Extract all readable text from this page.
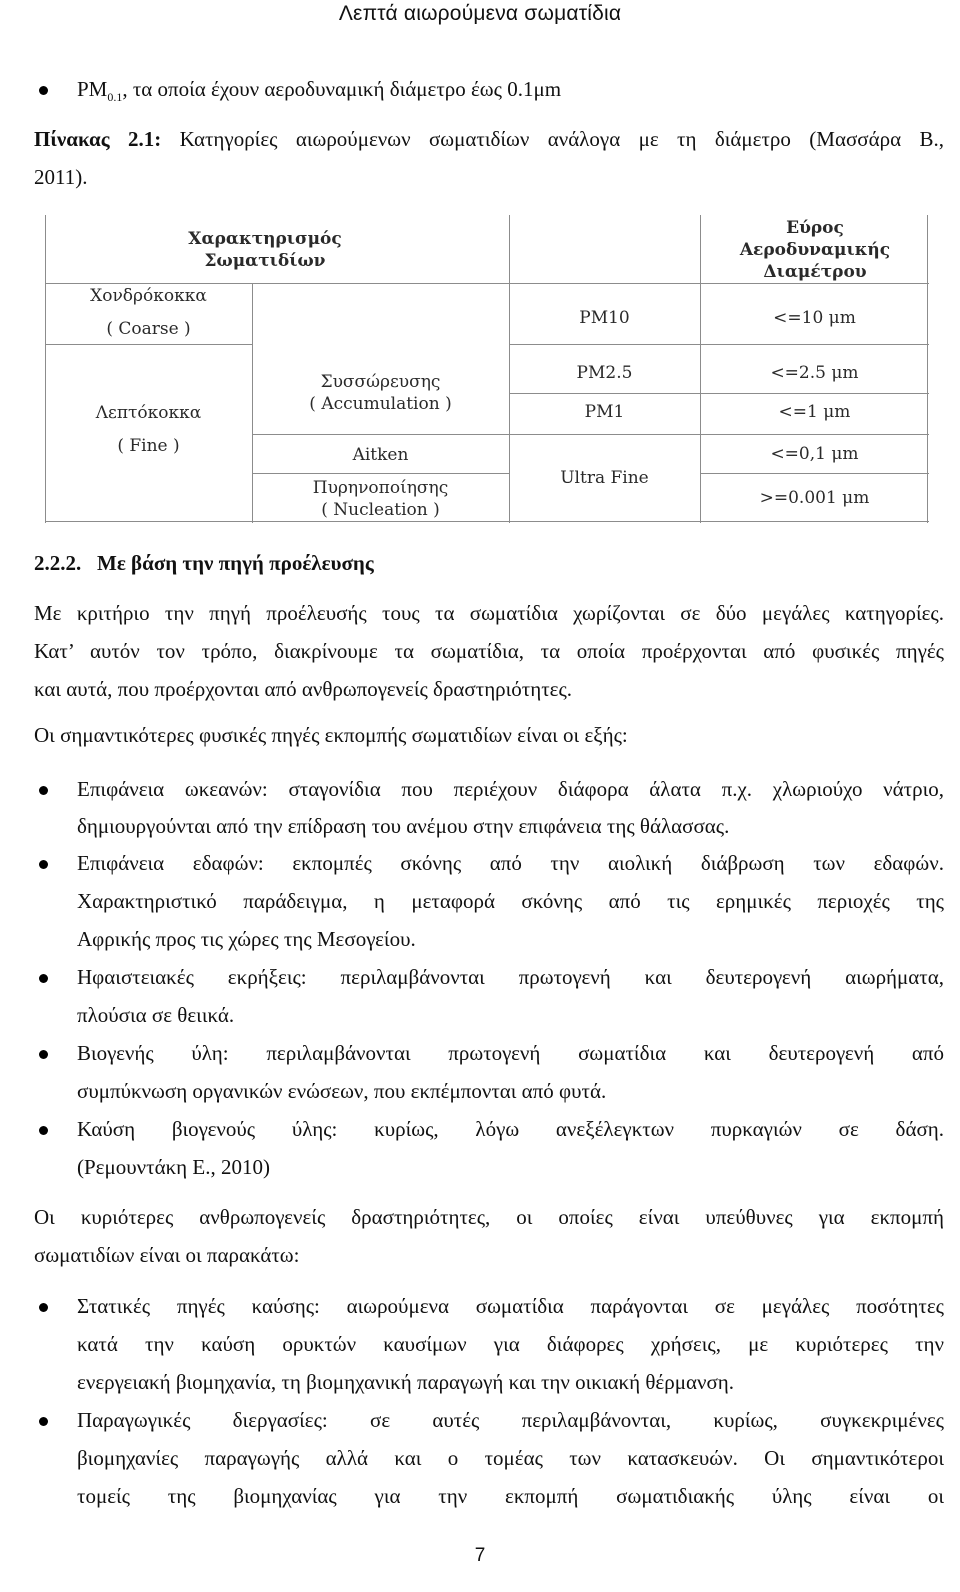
Λεπτά αιωρούμενα σωματίδια
$PM_{0.1}$, τα οποία έχουν αεροδυναμική διάμετρο έως 0.1μm
Πίνακας 2.1: Κατηγορίες αιωρούμενων σωματιδίων ανάλογα με τη διάμετρο (Μασσάρα Β.,
2011).
Χαρακτηρισμός
Σωματιδίων
Εύρος
Αεροδυναμικής
Διαμέτρου
Χονδρόκοκκα
( Coarse )
Λεπτόκοκκα
( Fine )
Συσσώρευσης
( Accumulation )
Aitken
Πυρηνοποίησης
( Nucleation )
PM10
PM2.5
PM1
Ultra Fine
<=10 μm
<=2.5 μm
<=1 μm
<=0,1 μm
>=0.001 μm
2.2.2. Με βάση την πηγή προέλευσης
Με κριτήριο την πηγή προέλευσής τους τα σωματίδια χωρίζονται σε δύο μεγάλες κατηγορίες.
Κατ’ αυτόν τον τρόπο, διακρίνουμε τα σωματίδια, τα οποία προέρχονται από φυσικές πηγές
και αυτά, που προέρχονται από ανθρωπογενείς δραστηριότητες.
Οι σημαντικότερες φυσικές πηγές εκπομπής σωματιδίων είναι οι εξής:
Επιφάνεια ωκεανών: σταγονίδια που περιέχουν διάφορα άλατα π.χ. χλωριούχο νάτριο,
δημιουργούνται από την επίδραση του ανέμου στην επιφάνεια της θάλασσας.
Επιφάνεια εδαφών: εκπομπές σκόνης από την αιολική διάβρωση των εδαφών.
Χαρακτηριστικό παράδειγμα, η μεταφορά σκόνης από τις ερημικές περιοχές της
Αφρικής προς τις χώρες της Μεσογείου.
Ηφαιστειακές εκρήξεις: περιλαμβάνονται πρωτογενή και δευτερογενή αιωρήματα,
πλούσια σε θειικά.
Βιογενής ύλη: περιλαμβάνονται πρωτογενή σωματίδια και δευτερογενή από
συμπύκνωση οργανικών ενώσεων, που εκπέμπονται από φυτά.
Καύση βιογενούς ύλης: κυρίως, λόγω ανεξέλεγκτων πυρκαγιών σε δάση.
(Ρεμουντάκη Ε., 2010)
Οι κυριότερες ανθρωπογενείς δραστηριότητες, οι οποίες είναι υπεύθυνες για εκπομπή
σωματιδίων είναι οι παρακάτω:
Στατικές πηγές καύσης: αιωρούμενα σωματίδια παράγονται σε μεγάλες ποσότητες
κατά την καύση ορυκτών καυσίμων για διάφορες χρήσεις, με κυριότερες την
ενεργειακή βιομηχανία, τη βιομηχανική παραγωγή και την οικιακή θέρμανση.
Παραγωγικές διεργασίες: σε αυτές περιλαμβάνονται, κυρίως, συγκεκριμένες
βιομηχανίες παραγωγής αλλά και ο τομέας των κατασκευών. Οι σημαντικότεροι
τομείς της βιομηχανίας για την εκπομπή σωματιδιακής ύλης είναι οι
7
